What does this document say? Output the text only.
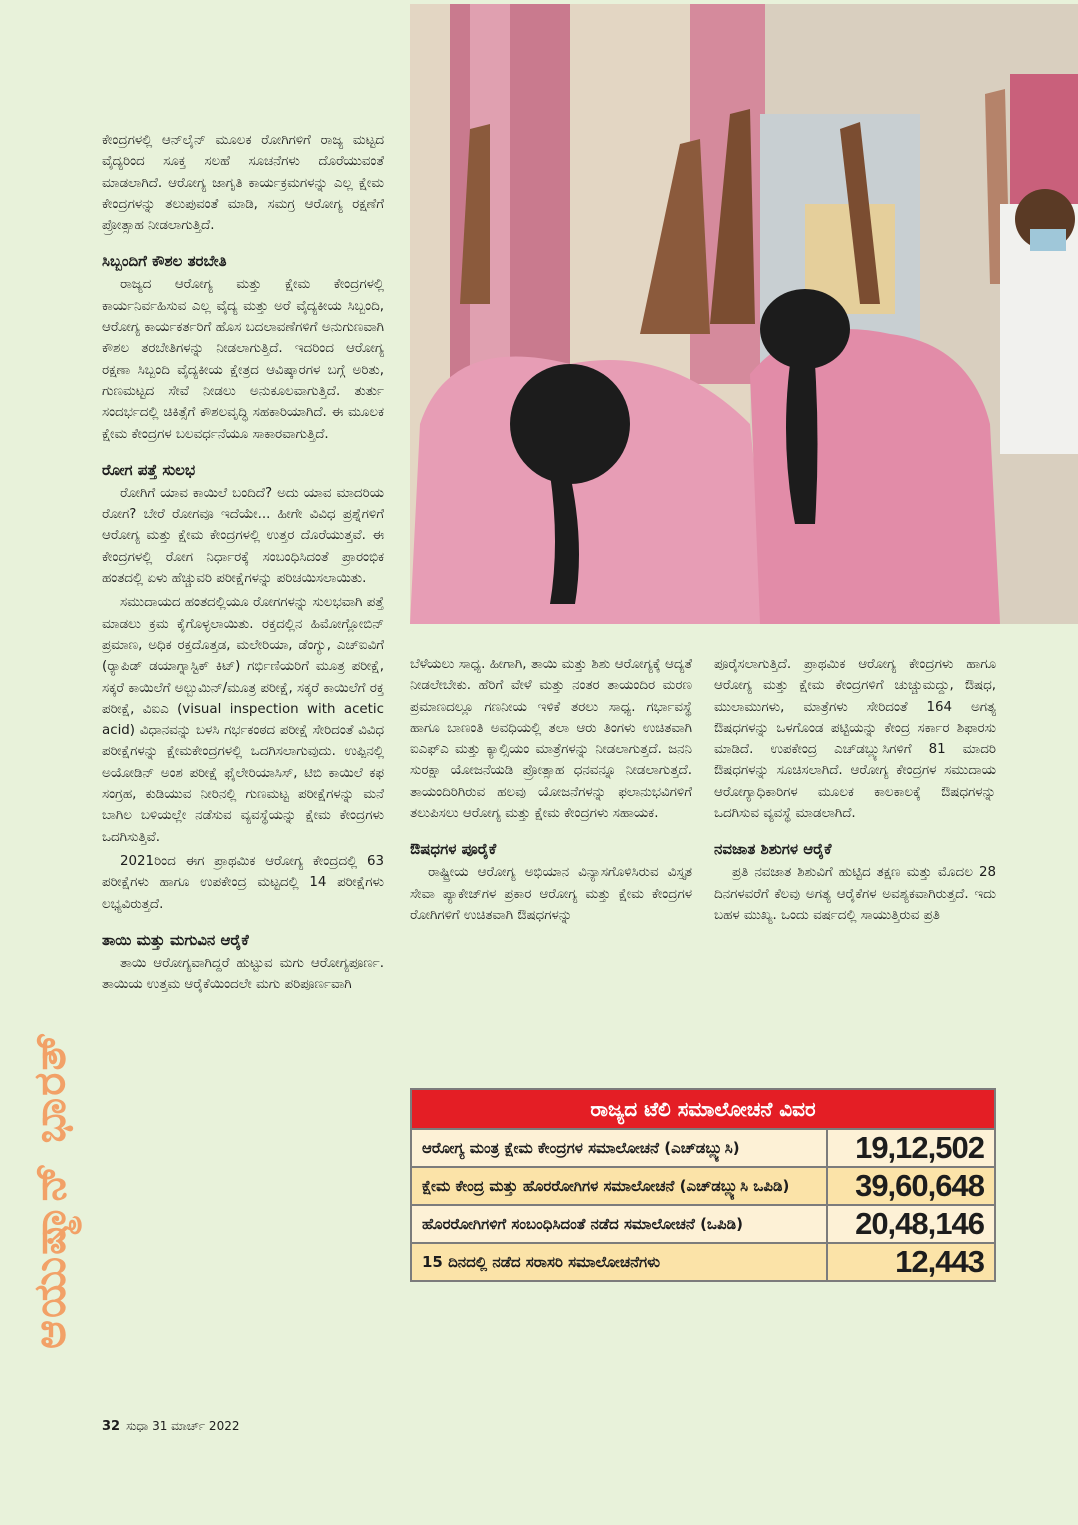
ಕೇಂದ್ರಗಳಲ್ಲಿ ಆನ್‌ಲೈನ್ ಮೂಲಕ ರೋಗಿಗಳಿಗೆ ರಾಜ್ಯ ಮಟ್ಟದ ವೈದ್ಯರಿಂದ ಸೂಕ್ತ ಸಲಹೆ ಸೂಚನೆಗಳು ದೊರೆಯುವಂತೆ ಮಾಡಲಾಗಿದೆ. ಆರೋಗ್ಯ ಜಾಗೃತಿ ಕಾರ್ಯಕ್ರಮಗಳನ್ನು ಎಲ್ಲ ಕ್ಷೇಮ ಕೇಂದ್ರಗಳನ್ನು ತಲುಪುವಂತೆ ಮಾಡಿ, ಸಮಗ್ರ ಆರೋಗ್ಯ ರಕ್ಷಣೆಗೆ ಪ್ರೋತ್ಸಾಹ ನೀಡಲಾಗುತ್ತಿದೆ.

ಸಿಬ್ಬಂದಿಗೆ ಕೌಶಲ ತರಬೇತಿ

ರಾಜ್ಯದ ಆರೋಗ್ಯ ಮತ್ತು ಕ್ಷೇಮ ಕೇಂದ್ರಗಳಲ್ಲಿ ಕಾರ್ಯನಿರ್ವಹಿಸುವ ಎಲ್ಲ ವೈದ್ಯ ಮತ್ತು ಅರೆ ವೈದ್ಯಕೀಯ ಸಿಬ್ಬಂದಿ, ಆರೋಗ್ಯ ಕಾರ್ಯಕರ್ತರಿಗೆ ಹೊಸ ಬದಲಾವಣೆಗಳಿಗೆ ಅನುಗುಣವಾಗಿ ಕೌಶಲ ತರಬೇತಿಗಳನ್ನು ನೀಡಲಾಗುತ್ತಿದೆ. ಇದರಿಂದ ಆರೋಗ್ಯ ರಕ್ಷಣಾ ಸಿಬ್ಬಂದಿ ವೈದ್ಯಕೀಯ ಕ್ಷೇತ್ರದ ಆವಿಷ್ಕಾರಗಳ ಬಗ್ಗೆ ಅರಿತು, ಗುಣಮಟ್ಟದ ಸೇವೆ ನೀಡಲು ಅನುಕೂಲವಾಗುತ್ತಿದೆ. ತುರ್ತು ಸಂದರ್ಭದಲ್ಲಿ ಚಿಕಿತ್ಸೆಗೆ ಕೌಶಲವೃದ್ಧಿ ಸಹಕಾರಿಯಾಗಿದೆ. ಈ ಮೂಲಕ ಕ್ಷೇಮ ಕೇಂದ್ರಗಳ ಬಲವರ್ಧನೆಯೂ ಸಾಕಾರವಾಗುತ್ತಿದೆ.

ರೋಗ ಪತ್ತೆ ಸುಲಭ

ರೋಗಿಗೆ ಯಾವ ಕಾಯಿಲೆ ಬಂದಿದೆ? ಅದು ಯಾವ ಮಾದರಿಯ ರೋಗ? ಬೇರೆ ರೋಗವೂ ಇದೆಯೇ... ಹೀಗೇ ವಿವಿಧ ಪ್ರಶ್ನೆಗಳಿಗೆ ಆರೋಗ್ಯ ಮತ್ತು ಕ್ಷೇಮ ಕೇಂದ್ರಗಳಲ್ಲಿ ಉತ್ತರ ದೊರೆಯುತ್ತವೆ. ಈ ಕೇಂದ್ರಗಳಲ್ಲಿ ರೋಗ ನಿರ್ಧಾರಕ್ಕೆ ಸಂಬಂಧಿಸಿದಂತೆ ಪ್ರಾರಂಭಿಕ ಹಂತದಲ್ಲಿ ಏಳು ಹೆಚ್ಚುವರಿ ಪರೀಕ್ಷೆಗಳನ್ನು ಪರಿಚಯಿಸಲಾಯಿತು.

ಸಮುದಾಯದ ಹಂತದಲ್ಲಿಯೂ ರೋಗಗಳನ್ನು ಸುಲಭವಾಗಿ ಪತ್ತೆ ಮಾಡಲು ಕ್ರಮ ಕೈಗೊಳ್ಳಲಾಯಿತು. ರಕ್ತದಲ್ಲಿನ ಹಿಮೋಗ್ಲೋಬಿನ್ ಪ್ರಮಾಣ, ಅಧಿಕ ರಕ್ತದೊತ್ತಡ, ಮಲೇರಿಯಾ, ಡೆಂಗ್ಯು, ಎಚ್‌ಐವಿಗೆ (ರ‍್ಯಾಪಿಡ್ ಡಯಾಗ್ನಾಸ್ಟಿಕ್ ಕಿಟ್) ಗರ್ಭಿಣಿಯರಿಗೆ ಮೂತ್ರ ಪರೀಕ್ಷೆ, ಸಕ್ಕರೆ ಕಾಯಿಲೆಗೆ ಅಲ್ಬುಮಿನ್/ಮೂತ್ರ ಪರೀಕ್ಷೆ, ಸಕ್ಕರೆ ಕಾಯಿಲೆಗೆ ರಕ್ತ ಪರೀಕ್ಷೆ, ವಿಐಎ (visual inspection with acetic acid) ವಿಧಾನವನ್ನು ಬಳಸಿ ಗರ್ಭಕಂಠದ ಪರೀಕ್ಷೆ ಸೇರಿದಂತೆ ವಿವಿಧ ಪರೀಕ್ಷೆಗಳನ್ನು ಕ್ಷೇಮಕೇಂದ್ರಗಳಲ್ಲಿ ಒದಗಿಸಲಾಗುವುದು. ಉಪ್ಪಿನಲ್ಲಿ ಅಯೋಡಿನ್ ಅಂಶ ಪರೀಕ್ಷೆ ಫೈಲೇರಿಯಾಸಿಸ್, ಟಿಬಿ ಕಾಯಿಲೆ ಕಫ ಸಂಗ್ರಹ, ಕುಡಿಯುವ ನೀರಿನಲ್ಲಿ ಗುಣಮಟ್ಟ ಪರೀಕ್ಷೆಗಳನ್ನು ಮನೆ ಬಾಗಿಲ ಬಳಿಯಲ್ಲೇ ನಡೆಸುವ ವ್ಯವಸ್ಥೆಯನ್ನು ಕ್ಷೇಮ ಕೇಂದ್ರಗಳು ಒದಗಿಸುತ್ತಿವೆ.

2021ರಿಂದ ಈಗ ಪ್ರಾಥಮಿಕ ಆರೋಗ್ಯ ಕೇಂದ್ರದಲ್ಲಿ 63 ಪರೀಕ್ಷೆಗಳು ಹಾಗೂ ಉಪಕೇಂದ್ರ ಮಟ್ಟದಲ್ಲಿ 14 ಪರೀಕ್ಷೆಗಳು ಲಭ್ಯವಿರುತ್ತದೆ.

ತಾಯಿ ಮತ್ತು ಮಗುವಿನ ಆರೈಕೆ

ತಾಯಿ ಆರೋಗ್ಯವಾಗಿದ್ದರೆ ಹುಟ್ಟುವ ಮಗು ಆರೋಗ್ಯಪೂರ್ಣ. ತಾಯಿಯ ಉತ್ತಮ ಆರೈಕೆಯಿಂದಲೇ ಮಗು ಪರಿಪೂರ್ಣವಾಗಿ

ಬೆಳೆಯಲು ಸಾಧ್ಯ. ಹೀಗಾಗಿ, ತಾಯಿ ಮತ್ತು ಶಿಶು ಆರೋಗ್ಯಕ್ಕೆ ಆದ್ಯತೆ ನೀಡಲೇಬೇಕು. ಹೆರಿಗೆ ವೇಳೆ ಮತ್ತು ನಂತರ ತಾಯಂದಿರ ಮರಣ ಪ್ರಮಾಣದಲ್ಲೂ ಗಣನೀಯ ಇಳಿಕೆ ತರಲು ಸಾಧ್ಯ. ಗರ್ಭಾವಸ್ಥೆ ಹಾಗೂ ಬಾಣಂತಿ ಅವಧಿಯಲ್ಲಿ ತಲಾ ಆರು ತಿಂಗಳು ಉಚಿತವಾಗಿ ಐಎಫ್‌ಎ ಮತ್ತು ಕ್ಯಾಲ್ಸಿಯಂ ಮಾತ್ರೆಗಳನ್ನು ನೀಡಲಾಗುತ್ತದೆ. ಜನನಿ ಸುರಕ್ಷಾ ಯೋಜನೆಯಡಿ ಪ್ರೋತ್ಸಾಹ ಧನವನ್ನೂ ನೀಡಲಾಗುತ್ತದೆ. ತಾಯಂದಿರಿಗಿರುವ ಹಲವು ಯೋಜನೆಗಳನ್ನು ಫಲಾನುಭವಿಗಳಿಗೆ ತಲುಪಿಸಲು ಆರೋಗ್ಯ ಮತ್ತು ಕ್ಷೇಮ ಕೇಂದ್ರಗಳು ಸಹಾಯಕ.

ಔಷಧಗಳ ಪೂರೈಕೆ

ರಾಷ್ಟ್ರೀಯ ಆರೋಗ್ಯ ಅಭಿಯಾನ ವಿನ್ಯಾಸಗೊಳಿಸಿರುವ ವಿಸ್ತೃತ ಸೇವಾ ಪ್ಯಾಕೇಜ್‌ಗಳ ಪ್ರಕಾರ ಆರೋಗ್ಯ ಮತ್ತು ಕ್ಷೇಮ ಕೇಂದ್ರಗಳ ರೋಗಿಗಳಿಗೆ ಉಚಿತವಾಗಿ ಔಷಧಗಳನ್ನು

ಪೂರೈಸಲಾಗುತ್ತಿದೆ. ಪ್ರಾಥಮಿಕ ಆರೋಗ್ಯ ಕೇಂದ್ರಗಳು ಹಾಗೂ ಆರೋಗ್ಯ ಮತ್ತು ಕ್ಷೇಮ ಕೇಂದ್ರಗಳಿಗೆ ಚುಚ್ಚುಮದ್ದು, ಔಷಧ, ಮುಲಾಮುಗಳು, ಮಾತ್ರೆಗಳು ಸೇರಿದಂತೆ 164 ಅಗತ್ಯ ಔಷಧಗಳನ್ನು ಒಳಗೊಂಡ ಪಟ್ಟಿಯನ್ನು ಕೇಂದ್ರ ಸರ್ಕಾರ ಶಿಫಾರಸು ಮಾಡಿದೆ. ಉಪಕೇಂದ್ರ ಎಚ್‌ಡಬ್ಲ್ಯುಸಿಗಳಿಗೆ 81 ಮಾದರಿ ಔಷಧಗಳನ್ನು ಸೂಚಿಸಲಾಗಿದೆ. ಆರೋಗ್ಯ ಕೇಂದ್ರಗಳ ಸಮುದಾಯ ಆರೋಗ್ಯಾಧಿಕಾರಿಗಳ ಮೂಲಕ ಕಾಲಕಾಲಕ್ಕೆ ಔಷಧಗಳನ್ನು ಒದಗಿಸುವ ವ್ಯವಸ್ಥೆ ಮಾಡಲಾಗಿದೆ.

ನವಜಾತ ಶಿಶುಗಳ ಆರೈಕೆ

ಪ್ರತಿ ನವಜಾತ ಶಿಶುವಿಗೆ ಹುಟ್ಟಿದ ತಕ್ಷಣ ಮತ್ತು ಮೊದಲ 28 ದಿನಗಳವರೆಗೆ ಕೆಲವು ಅಗತ್ಯ ಆರೈಕೆಗಳ ಅವಶ್ಯಕವಾಗಿರುತ್ತದೆ. ಇದು ಬಹಳ ಮುಖ್ಯ. ಒಂದು ವರ್ಷದಲ್ಲಿ ಸಾಯುತ್ತಿರುವ ಪ್ರತಿ

ಆಯುಷ್ಮಾನ್ ಭಾರತ್	ರಾಜ್ಯದ ಟೆಲಿ ಸಮಾಲೋಚನೆ ವಿವರ
ಆರೋಗ್ಯ ಮಂತ್ರ ಕ್ಷೇಮ ಕೇಂದ್ರಗಳ ಸಮಾಲೋಚನೆ (ಎಚ್‌ಡಬ್ಲ್ಯುಸಿ)	19,12,502
ಕ್ಷೇಮ ಕೇಂದ್ರ ಮತ್ತು ಹೊರರೋಗಿಗಳ ಸಮಾಲೋಚನೆ (ಎಚ್‌ಡಬ್ಲ್ಯುಸಿ ಒಪಿಡಿ)	39,60,648
ಹೊರರೋಗಿಗಳಿಗೆ ಸಂಬಂಧಿಸಿದಂತೆ ನಡೆದ ಸಮಾಲೋಚನೆ (ಒಪಿಡಿ)	20,48,146
15 ದಿನದಲ್ಲಿ ನಡೆದ ಸರಾಸರಿ ಸಮಾಲೋಚನೆಗಳು	12,443
32 ಸುಧಾ 31 ಮಾರ್ಚ್ 2022
